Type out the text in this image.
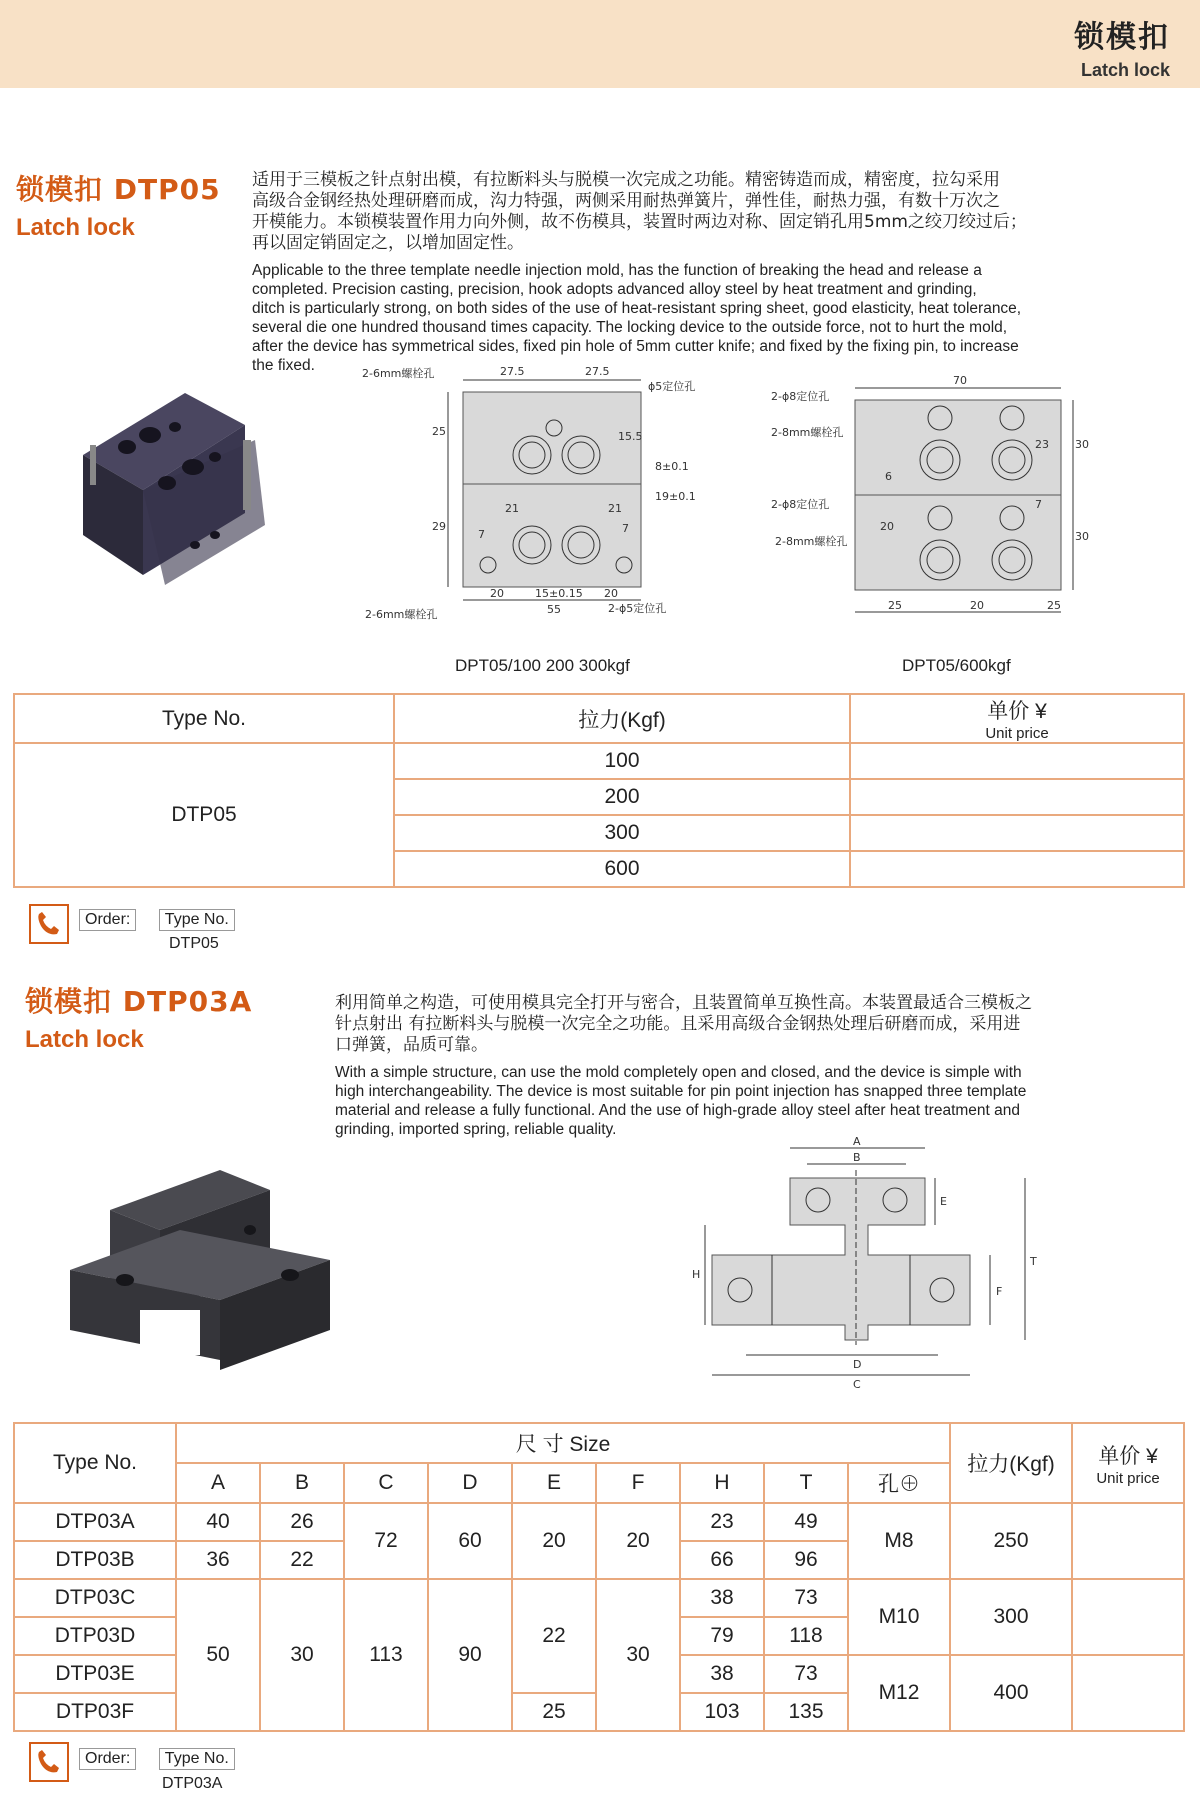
锁模扣
Latch lock
锁模扣 DTP05
Latch lock
适用于三模板之针点射出模，有拉断料头与脱模一次完成之功能。精密铸造而成，精密度，拉勾采用
高级合金钢经热处理研磨而成，沟力特强，两侧采用耐热弹簧片，弹性佳，耐热力强，有数十万次之
开模能力。本锁模装置作用力向外侧，故不伤模具，装置时两边对称、固定销孔用5mm之绞刀绞过后；
再以固定销固定之，以增加固定性。
Applicable to the three template needle injection mold, has the function of breaking the head and release a
completed. Precision casting, precision, hook adopts advanced alloy steel by heat treatment and grinding,
ditch is particularly strong, on both sides of the use of heat-resistant spring sheet, good elasticity, heat tolerance,
several die one hundred thousand times capacity. The locking device to the outside force, not to hurt the mold,
after the device has symmetrical sides, fixed pin hole of 5mm cutter knife; and fixed by the fixing pin, to increase
the fixed.	2-6mm螺栓孔
ϕ5定位孔
2-6mm螺栓孔	2-ϕ5定位孔
27.5	27.5
25	15.5
29
21	21
7	7
8±0.1
19±0.1
20	15±0.15 20
55
DPT05/100 200 300kgf
2-ϕ8定位孔
2-8mm螺栓孔
2-ϕ8定位孔
2-8mm螺栓孔
70
30
30
23
6
7
20
25	20	25
DPT05/600kgf
Type No.	拉力(Kgf)	单价 ¥
Unit price

DTP05	100	
	200	
	300	
	600	
Order: Type No.
DTP05
锁模扣 DTP03A
Latch lock
利用简单之构造，可使用模具完全打开与密合，且装置简单互换性高。本装置最适合三模板之
针点射出 有拉断料头与脱模一次完全之功能。且采用高级合金钢热处理后研磨而成，采用进
口弹簧，品质可靠。
With a simple structure, can use the mold completely open and closed, and the device is simple with
high interchangeability. The device is most suitable for pin point injection has snapped three template
material and release a fully functional. And the use of high-grade alloy steel after heat treatment and
grinding, imported spring, reliable quality.
A
B
D
C
E
F
H
T
Type No.	尺 寸 Size									拉力(Kgf)	单价 ¥
Unit price

	A	B	C	D	E	F	H	T	孔⊕		
DTP03A	40	26	72	60	20	20	23	49	M8	250	
DTP03B	36	22					66	96			
DTP03C	50	30	113	90	22	30	38	73	M10	300	
DTP03D							79	118			
DTP03E							38	73	M12	400	
DTP03F					25		103	135			
Order: Type No.
DTP03A
